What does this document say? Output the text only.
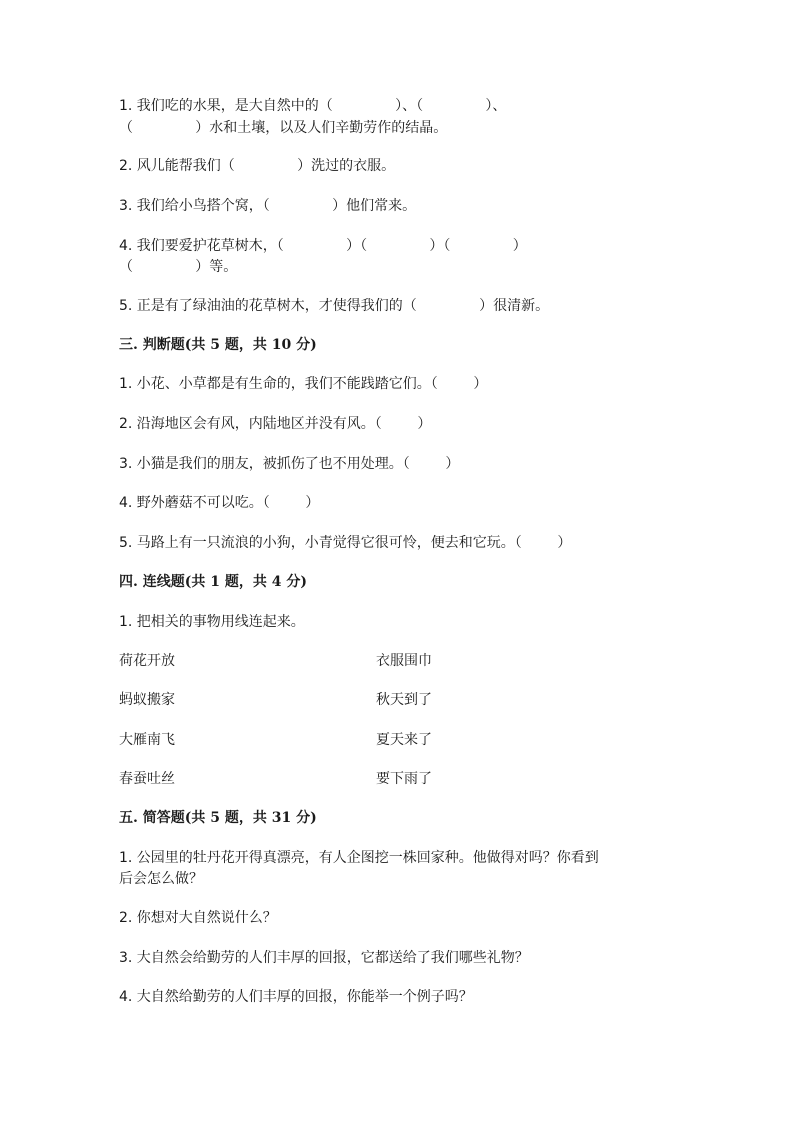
1. 我们吃的水果，是大自然中的（              ）、（              ）、
（              ）水和土壤，以及人们辛勤劳作的结晶。
2. 风儿能帮我们（              ）洗过的衣服。
3. 我们给小鸟搭个窝，（              ）他们常来。
4. 我们要爱护花草树木，（              ）（              ）（              ）
（              ）等。
5. 正是有了绿油油的花草树木，才使得我们的（              ）很清新。
三. 判断题(共 5 题，共 10 分)
1. 小花、小草都是有生命的，我们不能践踏它们。（        ）
2. 沿海地区会有风，内陆地区并没有风。（        ）
3. 小猫是我们的朋友，被抓伤了也不用处理。（        ）
4. 野外蘑菇不可以吃。（        ）
5. 马路上有一只流浪的小狗，小青觉得它很可怜，便去和它玩。（        ）
四. 连线题(共 1 题，共 4 分)
1. 把相关的事物用线连起来。
荷花开放	衣服围巾
蚂蚁搬家	秋天到了
大雁南飞	夏天来了
春蚕吐丝	要下雨了
五. 简答题(共 5 题，共 31 分)
1. 公园里的牡丹花开得真漂亮，有人企图挖一株回家种。他做得对吗？你看到
后会怎么做？
2. 你想对大自然说什么？
3. 大自然会给勤劳的人们丰厚的回报，它都送给了我们哪些礼物？
4. 大自然给勤劳的人们丰厚的回报，你能举一个例子吗？
